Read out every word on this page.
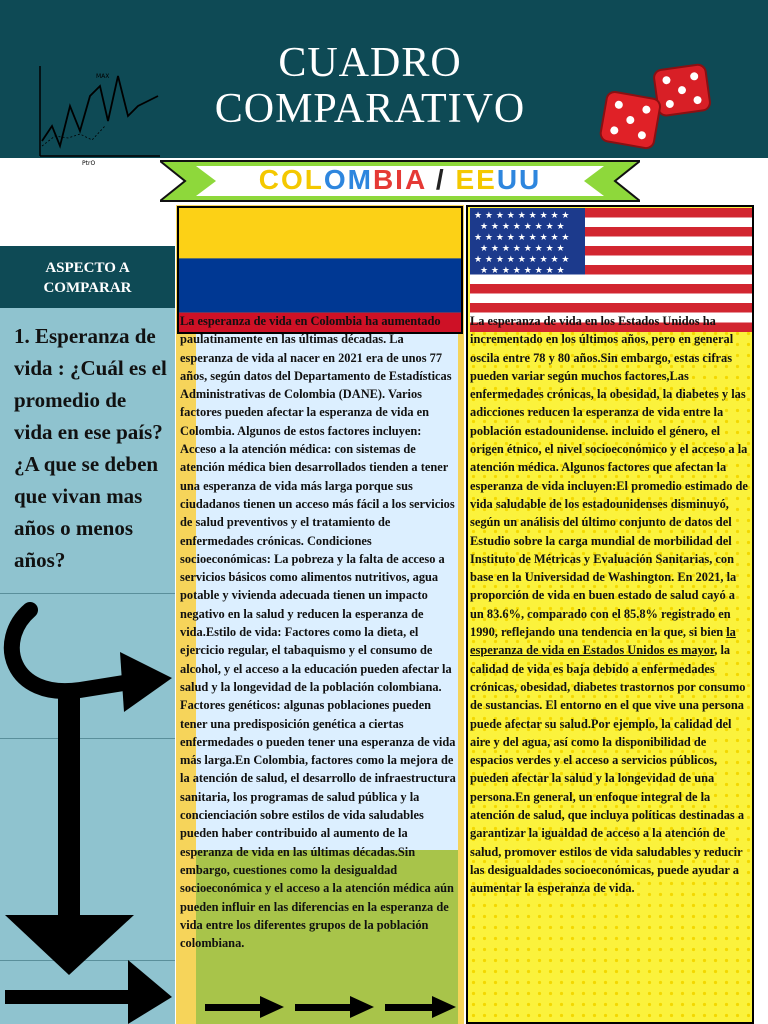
MAX
PtrO
CUADRO
COMPARATIVO
COLOMBIA / EEUU
ASPECTO A COMPARAR
1. Esperanza de vida : ¿Cuál es el promedio de vida en ese país? ¿A que se deben que vivan mas años o menos años?
★ ★ ★ ★ ★ ★ ★ ★ ★
★ ★ ★ ★ ★ ★ ★ ★
★ ★ ★ ★ ★ ★ ★ ★ ★
★ ★ ★ ★ ★ ★ ★ ★
★ ★ ★ ★ ★ ★ ★ ★ ★
★ ★ ★ ★ ★ ★ ★ ★
La esperanza de vida en Colombia ha aumentado paulatinamente en las últimas décadas. La esperanza de vida al nacer en 2021 era de unos 77 años, según datos del Departamento de Estadísticas Administrativas de Colombia (DANE). Varios factores pueden afectar la esperanza de vida en Colombia. Algunos de estos factores incluyen: Acceso a la atención médica: con sistemas de atención médica bien desarrollados tienden a tener una esperanza de vida más larga porque sus ciudadanos tienen un acceso más fácil a los servicios de salud preventivos y el tratamiento de enfermedades crónicas. Condiciones socioeconómicas: La pobreza y la falta de acceso a servicios básicos como alimentos nutritivos, agua potable y vivienda adecuada tienen un impacto negativo en la salud y reducen la esperanza de vida.Estilo de vida: Factores como la dieta, el ejercicio regular, el tabaquismo y el consumo de alcohol, y el acceso a la educación pueden afectar la salud y la longevidad de la población colombiana. Factores genéticos: algunas poblaciones pueden tener una predisposición genética a ciertas enfermedades o pueden tener una esperanza de vida más larga.En Colombia, factores como la mejora de la atención de salud, el desarrollo de infraestructura sanitaria, los programas de salud pública y la concienciación sobre estilos de vida saludables pueden haber contribuido al aumento de la esperanza de vida en las últimas décadas.Sin embargo, cuestiones como la desigualdad socioeconómica y el acceso a la atención médica aún pueden influir en las diferencias en la esperanza de vida entre los diferentes grupos de la población colombiana.
La esperanza de vida en los Estados Unidos ha incrementado en los últimos años, pero en general oscila entre 78 y 80 años.Sin embargo, estas cifras pueden variar según muchos factores,Las enfermedades crónicas, la obesidad, la diabetes y las adicciones reducen la esperanza de vida entre la población estadounidense. incluido el género, el origen étnico, el nivel socioeconómico y el acceso a la atención médica. Algunos factores que afectan la esperanza de vida incluyen:El promedio estimado de vida saludable de los estadounidenses disminuyó, según un análisis del último conjunto de datos del Estudio sobre la carga mundial de morbilidad del Instituto de Métricas y Evaluación Sanitarias, con base en la Universidad de Washington. En 2021, la proporción de vida en buen estado de salud cayó a un 83.6%, comparado con el 85.8% registrado en 1990, reflejando una tendencia en la que, si bien la esperanza de vida en Estados Unidos es mayor, la calidad de vida es baja debido a enfermedades crónicas, obesidad, diabetes trastornos por consumo de sustancias. El entorno en el que vive una persona puede afectar su salud.Por ejemplo, la calidad del aire y del agua, así como la disponibilidad de espacios verdes y el acceso a servicios públicos, pueden afectar la salud y la longevidad de una persona.En general, un enfoque integral de la atención de salud, que incluya políticas destinadas a garantizar la igualdad de acceso a la atención de salud, promover estilos de vida saludables y reducir las desigualdades socioeconómicas, puede ayudar a aumentar la esperanza de vida.
